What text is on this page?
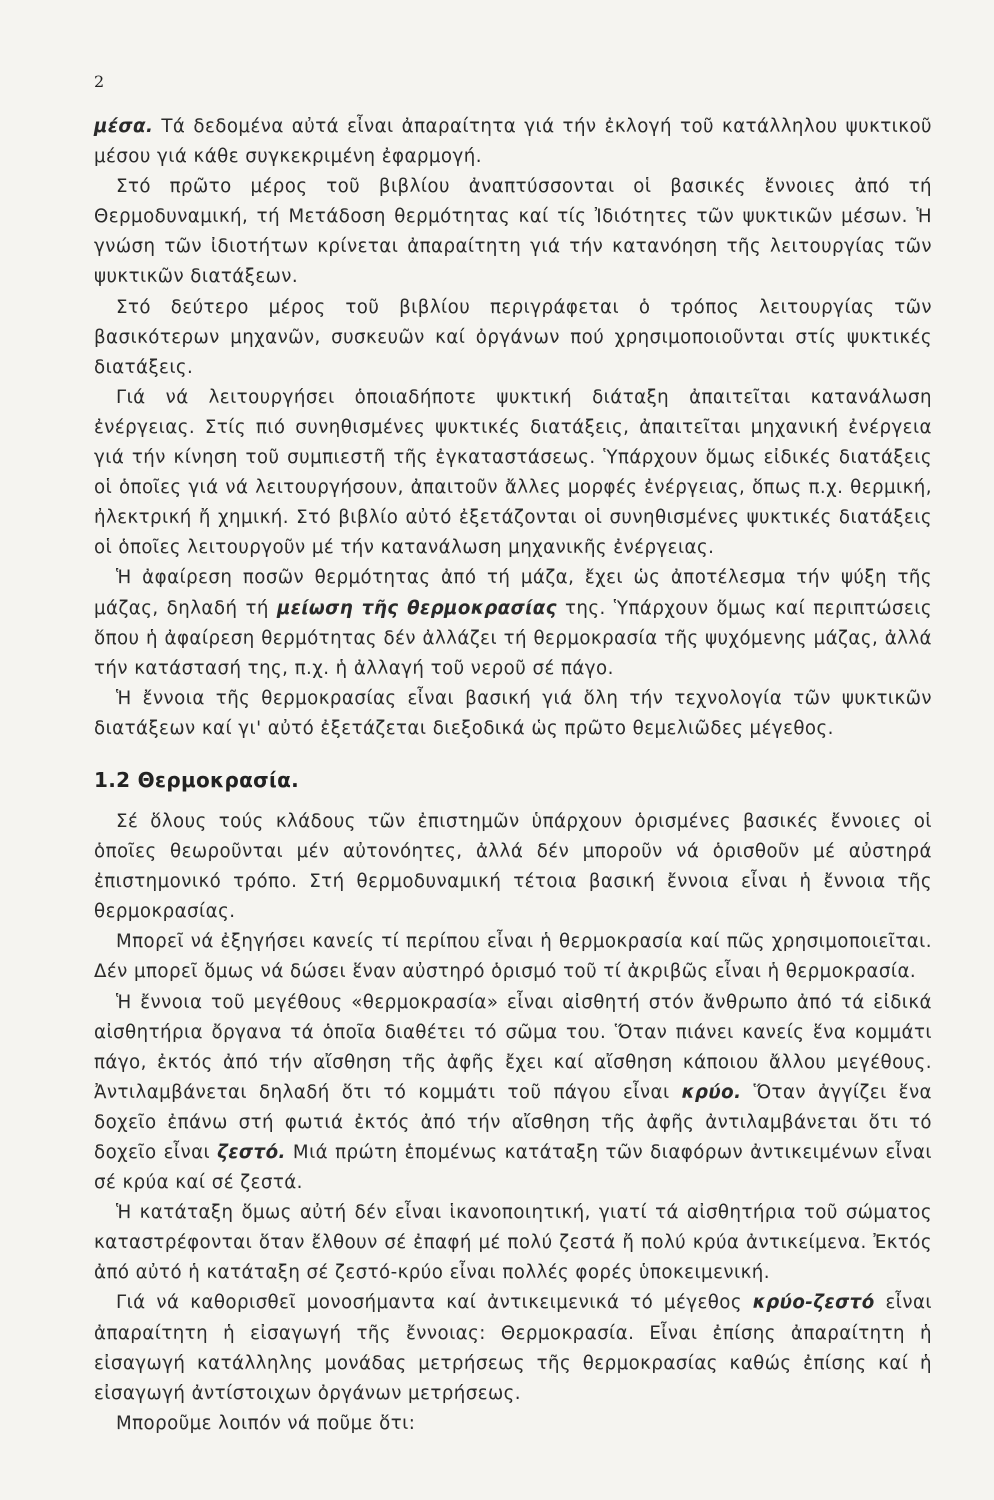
2

μέσα. Τά δεδομένα αὐτά εἶναι ἀπαραίτητα γιά τήν ἐκλογή τοῦ κατάλληλου ψυκτικοῦ μέσου γιά κάθε συγκεκριμένη ἐφαρμογή.

Στό πρῶτο μέρος τοῦ βιβλίου ἀναπτύσσονται οἱ βασικές ἔννοιες ἀπό τή Θερμοδυναμική, τή Μετάδοση θερμότητας καί τίς Ἰδιότητες τῶν ψυκτικῶν μέσων. Ἡ γνώση τῶν ἰδιοτήτων κρίνεται ἀπαραίτητη γιά τήν κατανόηση τῆς λειτουργίας τῶν ψυκτικῶν διατάξεων.

Στό δεύτερο μέρος τοῦ βιβλίου περιγράφεται ὁ τρόπος λειτουργίας τῶν βασικότερων μηχανῶν, συσκευῶν καί ὀργάνων πού χρησιμοποιοῦνται στίς ψυκτικές διατάξεις.

Γιά νά λειτουργήσει ὁποιαδήποτε ψυκτική διάταξη ἀπαιτεῖται κατανάλωση ἐνέργειας. Στίς πιό συνηθισμένες ψυκτικές διατάξεις, ἀπαιτεῖται μηχανική ἐνέργεια γιά τήν κίνηση τοῦ συμπιεστῆ τῆς ἐγκαταστάσεως. Ὑπάρχουν ὅμως εἰδικές διατάξεις οἱ ὁποῖες γιά νά λειτουργήσουν, ἀπαιτοῦν ἄλλες μορφές ἐνέργειας, ὅπως π.χ. θερμική, ἠλεκτρική ἤ χημική. Στό βιβλίο αὐτό ἐξετάζονται οἱ συνηθισμένες ψυκτικές διατάξεις οἱ ὁποῖες λειτουργοῦν μέ τήν κατανάλωση μηχανικῆς ἐνέργειας.

Ἡ ἀφαίρεση ποσῶν θερμότητας ἀπό τή μάζα, ἔχει ὡς ἀποτέλεσμα τήν ψύξη τῆς μάζας, δηλαδή τή μείωση τῆς θερμοκρασίας της. Ὑπάρχουν ὅμως καί περιπτώσεις ὅπου ἡ ἀφαίρεση θερμότητας δέν ἀλλάζει τή θερμοκρασία τῆς ψυχόμενης μάζας, ἀλλά τήν κατάστασή της, π.χ. ἡ ἀλλαγή τοῦ νεροῦ σέ πάγο.

Ἡ ἔννοια τῆς θερμοκρασίας εἶναι βασική γιά ὅλη τήν τεχνολογία τῶν ψυκτικῶν διατάξεων καί γι' αὐτό ἐξετάζεται διεξοδικά ὡς πρῶτο θεμελιῶδες μέγεθος.

1.2 Θερμοκρασία.

Σέ ὅλους τούς κλάδους τῶν ἐπιστημῶν ὑπάρχουν ὁρισμένες βασικές ἔννοιες οἱ ὁποῖες θεωροῦνται μέν αὐτονόητες, ἀλλά δέν μποροῦν νά ὁρισθοῦν μέ αὐστηρά ἐπιστημονικό τρόπο. Στή θερμοδυναμική τέτοια βασική ἔννοια εἶναι ἡ ἔννοια τῆς θερμοκρασίας.

Μπορεῖ νά ἐξηγήσει κανείς τί περίπου εἶναι ἡ θερμοκρασία καί πῶς χρησιμοποιεῖται. Δέν μπορεῖ ὅμως νά δώσει ἕναν αὐστηρό ὁρισμό τοῦ τί ἀκριβῶς εἶναι ἡ θερμοκρασία.

Ἡ ἔννοια τοῦ μεγέθους «θερμοκρασία» εἶναι αἰσθητή στόν ἄνθρωπο ἀπό τά εἰδικά αἰσθητήρια ὄργανα τά ὁποῖα διαθέτει τό σῶμα του. Ὅταν πιάνει κανείς ἕνα κομμάτι πάγο, ἐκτός ἀπό τήν αἴσθηση τῆς ἀφῆς ἔχει καί αἴσθηση κάποιου ἄλλου μεγέθους. Ἀντιλαμβάνεται δηλαδή ὅτι τό κομμάτι τοῦ πάγου εἶναι κρύο. Ὅταν ἀγγίζει ἕνα δοχεῖο ἐπάνω στή φωτιά ἐκτός ἀπό τήν αἴσθηση τῆς ἀφῆς ἀντιλαμβάνεται ὅτι τό δοχεῖο εἶναι ζεστό. Μιά πρώτη ἑπομένως κατάταξη τῶν διαφόρων ἀντικειμένων εἶναι σέ κρύα καί σέ ζεστά.

Ἡ κατάταξη ὅμως αὐτή δέν εἶναι ἱκανοποιητική, γιατί τά αἰσθητήρια τοῦ σώματος καταστρέφονται ὅταν ἔλθουν σέ ἐπαφή μέ πολύ ζεστά ἤ πολύ κρύα ἀντικείμενα. Ἐκτός ἀπό αὐτό ἡ κατάταξη σέ ζεστό-κρύο εἶναι πολλές φορές ὑποκειμενική.

Γιά νά καθορισθεῖ μονοσήμαντα καί ἀντικειμενικά τό μέγεθος κρύο-ζεστό εἶναι ἀπαραίτητη ἡ εἰσαγωγή τῆς ἔννοιας: Θερμοκρασία. Εἶναι ἐπίσης ἀπαραίτητη ἡ εἰσαγωγή κατάλληλης μονάδας μετρήσεως τῆς θερμοκρασίας καθώς ἐπίσης καί ἡ εἰσαγωγή ἀντίστοιχων ὀργάνων μετρήσεως.

Μποροῦμε λοιπόν νά ποῦμε ὅτι:
